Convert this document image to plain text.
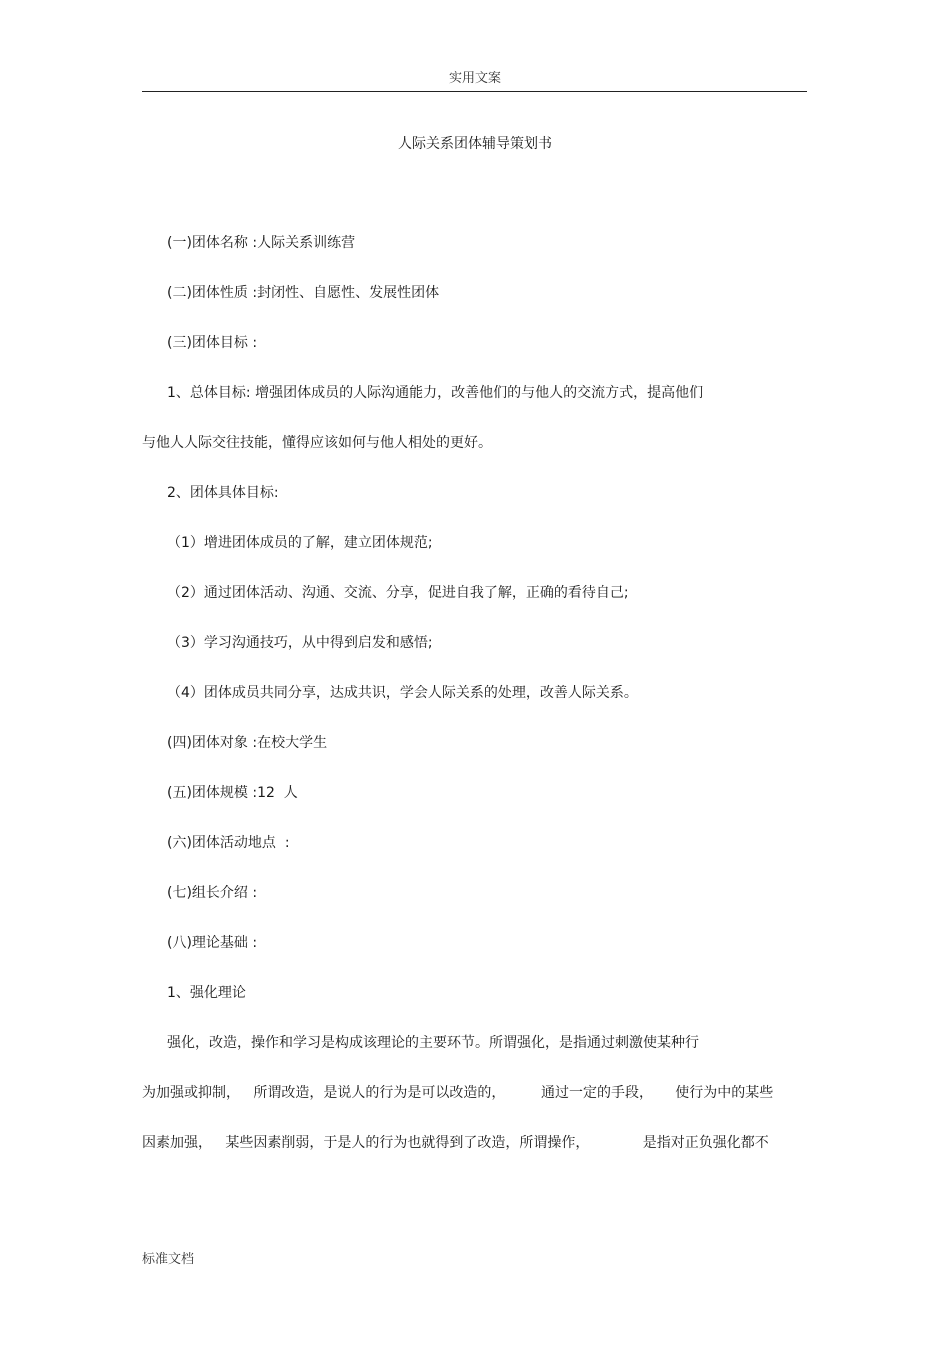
实用文案
人际关系团体辅导策划书
(一)团体名称 :人际关系训练营
(二)团体性质 :封闭性、自愿性、发展性团体
(三)团体目标 :
1、总体目标: 增强团体成员的人际沟通能力，改善他们的与他人的交流方式，提高他们
与他人人际交往技能，懂得应该如何与他人相处的更好。
2、团体具体目标:
（1）增进团体成员的了解，建立团体规范;
（2）通过团体活动、沟通、交流、分享，促进自我了解，正确的看待自己;
（3）学习沟通技巧，从中得到启发和感悟;
（4）团体成员共同分享，达成共识，学会人际关系的处理，改善人际关系。
(四)团体对象 :在校大学生
(五)团体规模 :12  人
(六)团体活动地点  :
(七)组长介绍 :
(八)理论基础 :
1、强化理论
强化，改造，操作和学习是构成该理论的主要环节。所谓强化，是指通过刺激使某种行
为加强或抑制，   所谓改造，是说人的行为是可以改造的，        通过一定的手段，     使行为中的某些
因素加强，   某些因素削弱，于是人的行为也就得到了改造，所谓操作，            是指对正负强化都不
标准文档
